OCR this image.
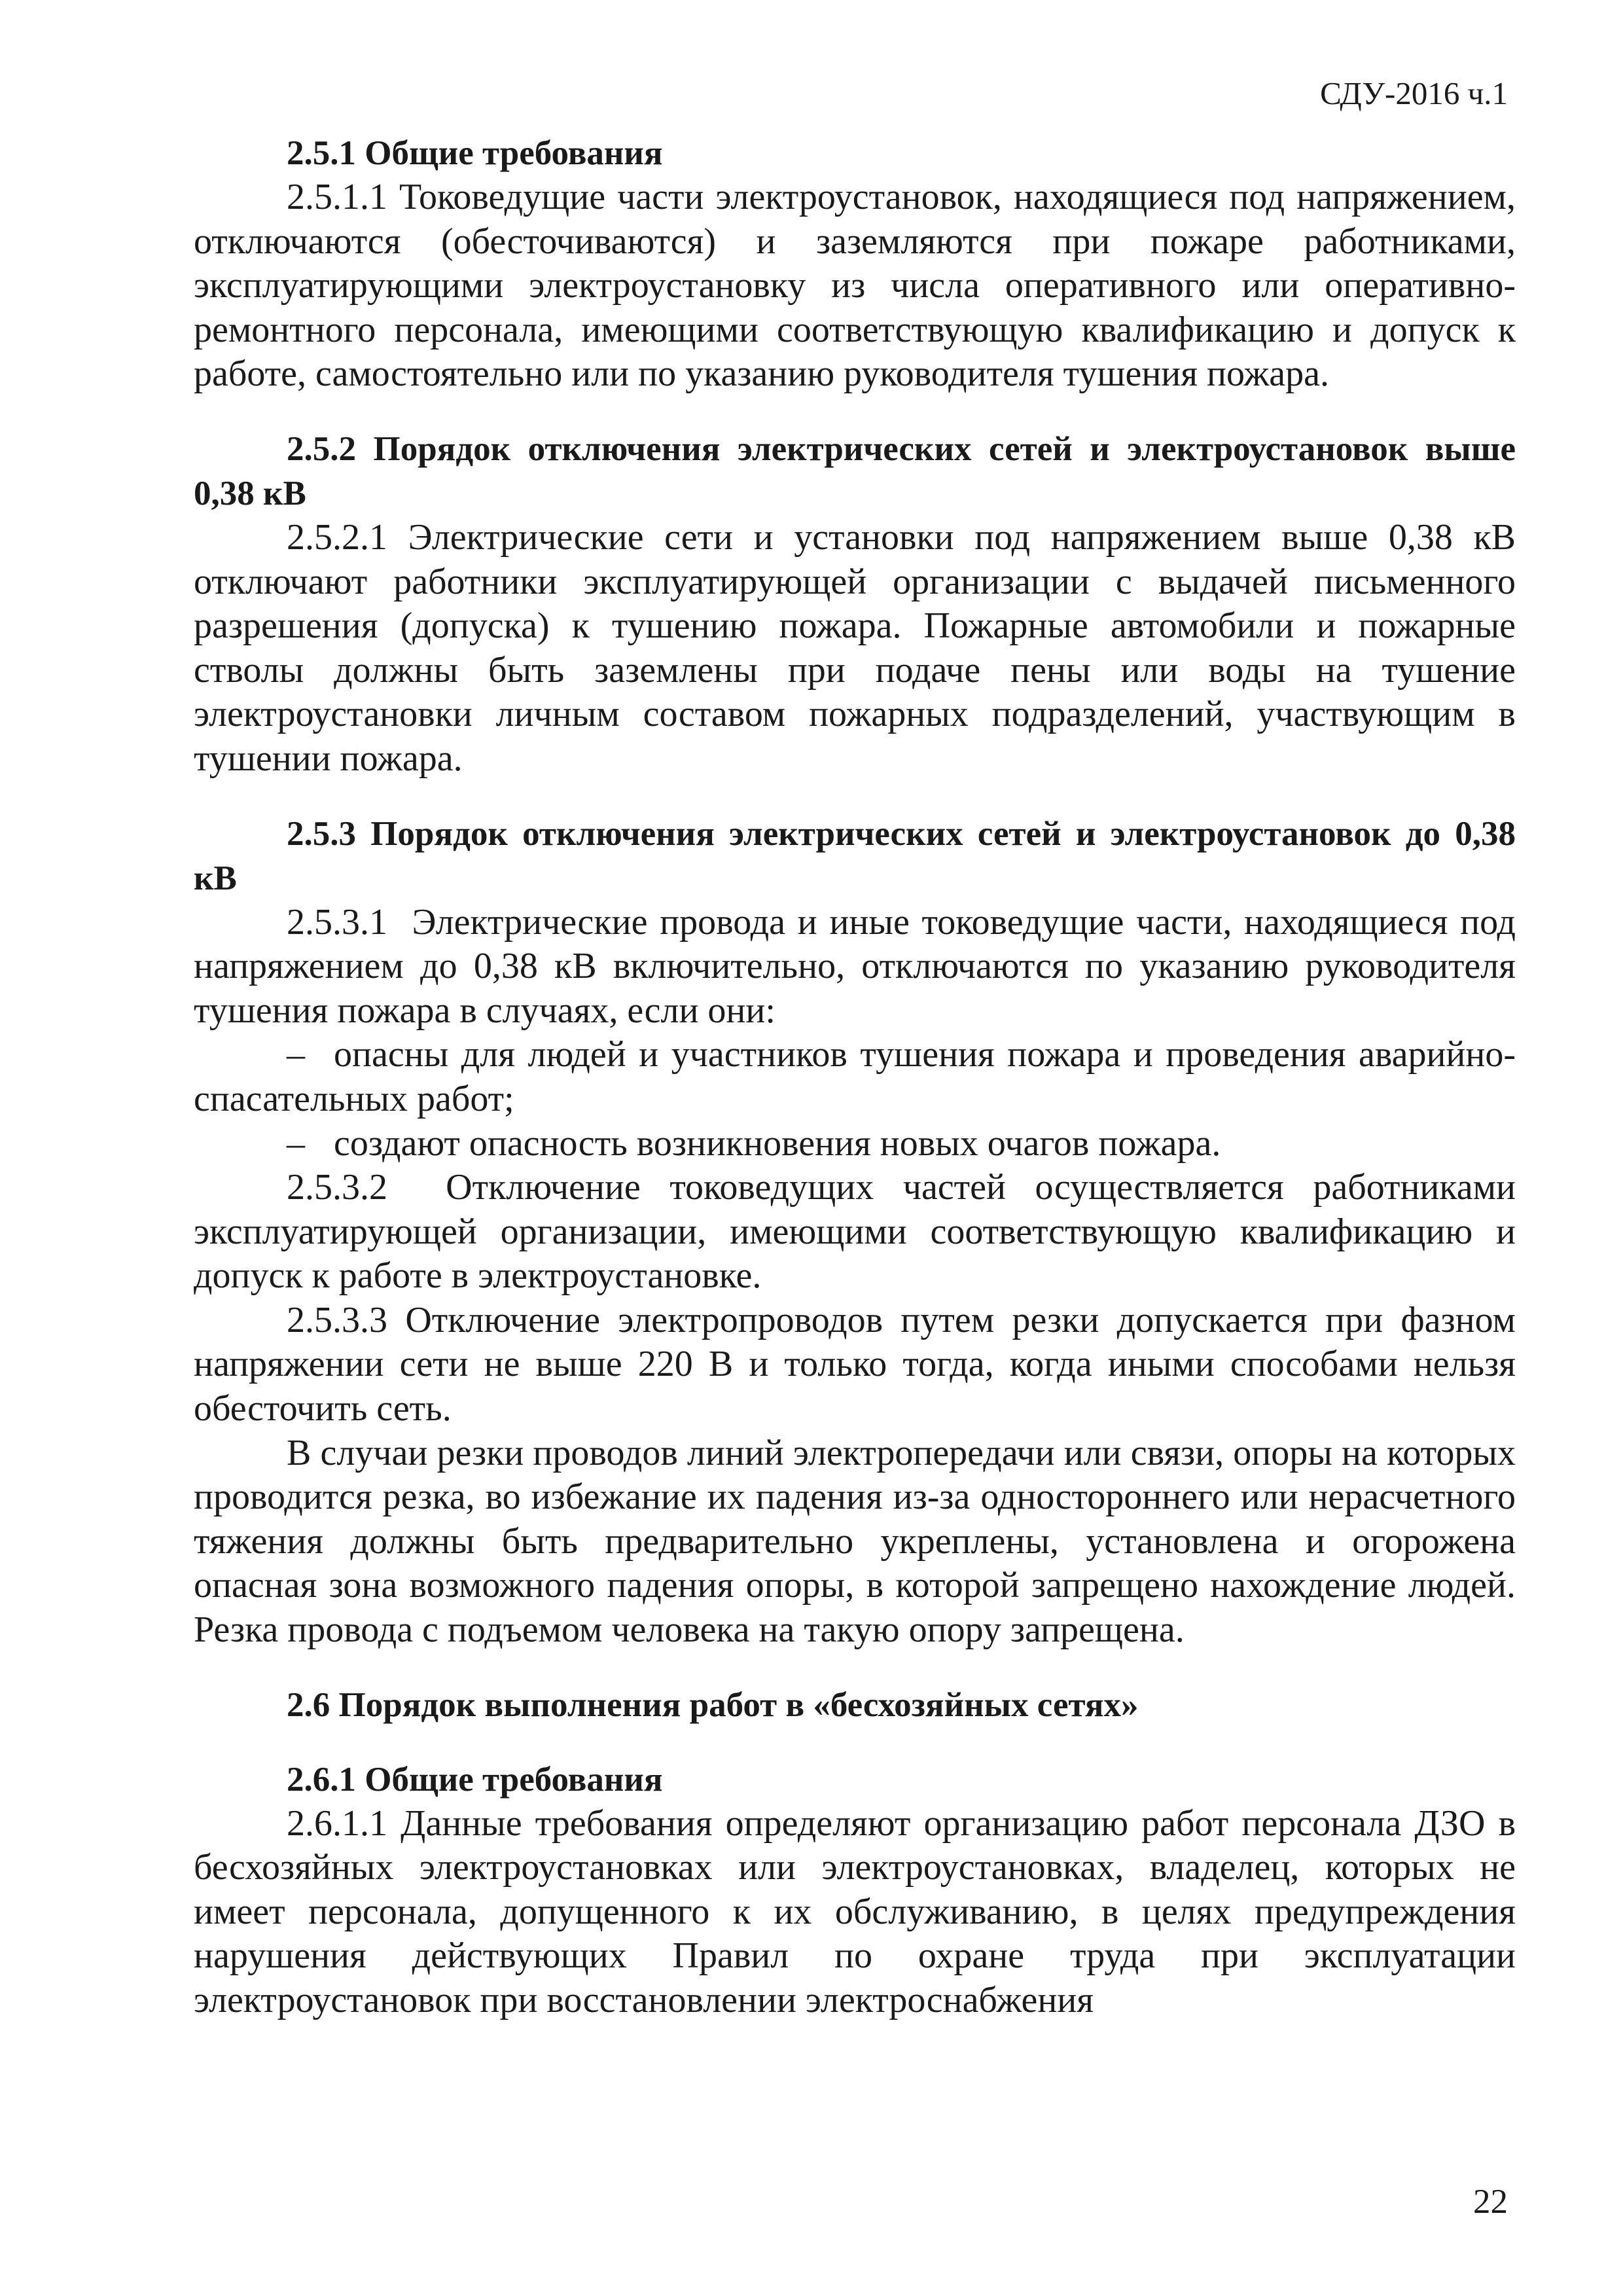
СДУ-2016 ч.1

2.5.1 Общие требования

2.5.1.1 Токоведущие части электроустановок, находящиеся под напряжением, отключаются (обесточиваются) и заземляются при пожаре работниками, эксплуатирующими электроустановку из числа оперативного или оперативно-ремонтного персонала, имеющими соответствующую квалификацию и допуск к работе, самостоятельно или по указанию руководителя тушения пожара.

2.5.2 Порядок отключения электрических сетей и электроустановок выше 0,38 кВ

2.5.2.1 Электрические сети и установки под напряжением выше 0,38 кВ отключают работники эксплуатирующей организации с выдачей письменного разрешения (допуска) к тушению пожара. Пожарные автомобили и пожарные стволы должны быть заземлены при подаче пены или воды на тушение электроустановки личным составом пожарных подразделений, участвующим в тушении пожара.

2.5.3 Порядок отключения электрических сетей и электроустановок до 0,38 кВ

2.5.3.1 Электрические провода и иные токоведущие части, находящиеся под напряжением до 0,38 кВ включительно, отключаются по указанию руководителя тушения пожара в случаях, если они:

– опасны для людей и участников тушения пожара и проведения аварийно-спасательных работ;

– создают опасность возникновения новых очагов пожара.

2.5.3.2 Отключение токоведущих частей осуществляется работниками эксплуатирующей организации, имеющими соответствующую квалификацию и допуск к работе в электроустановке.

2.5.3.3 Отключение электропроводов путем резки допускается при фазном напряжении сети не выше 220 В и только тогда, когда иными способами нельзя обесточить сеть.

В случаи резки проводов линий электропередачи или связи, опоры на которых проводится резка, во избежание их падения из-за одностороннего или нерасчетного тяжения должны быть предварительно укреплены, установлена и огорожена опасная зона возможного падения опоры, в которой запрещено нахождение людей. Резка провода с подъемом человека на такую опору запрещена.

2.6 Порядок выполнения работ в «бесхозяйных сетях»

2.6.1 Общие требования

2.6.1.1 Данные требования определяют организацию работ персонала ДЗО в бесхозяйных электроустановках или электроустановках, владелец, которых не имеет персонала, допущенного к их обслуживанию, в целях предупреждения нарушения действующих Правил по охране труда при эксплуатации электроустановок при восстановлении электроснабжения

22
